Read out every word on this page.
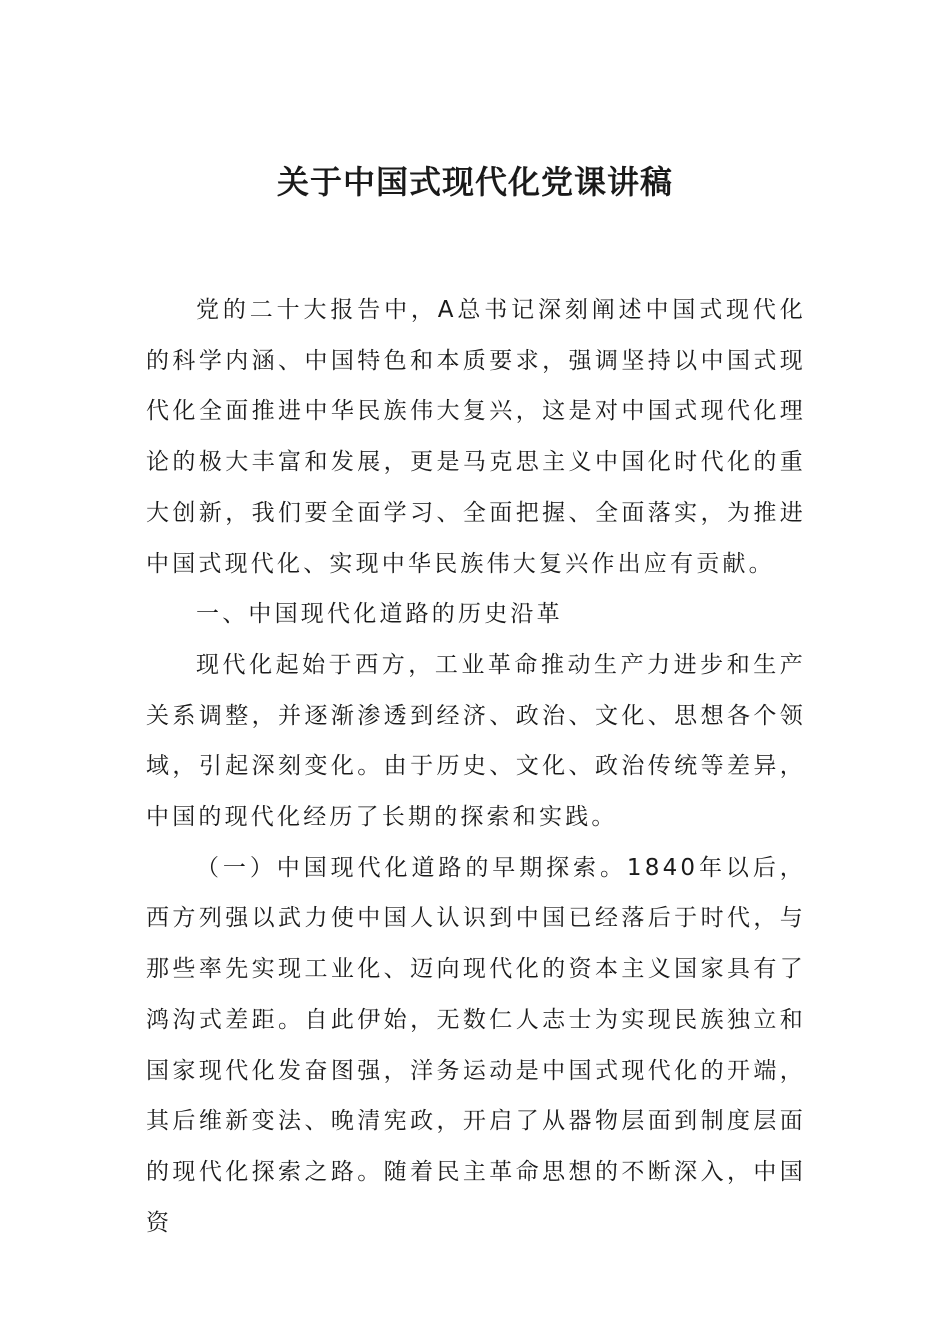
关于中国式现代化党课讲稿

党的二十大报告中，A总书记深刻阐述中国式现代化的科学内涵、中国特色和本质要求，强调坚持以中国式现代化全面推进中华民族伟大复兴，这是对中国式现代化理论的极大丰富和发展，更是马克思主义中国化时代化的重大创新，我们要全面学习、全面把握、全面落实，为推进中国式现代化、实现中华民族伟大复兴作出应有贡献。

一、中国现代化道路的历史沿革

现代化起始于西方，工业革命推动生产力进步和生产关系调整，并逐渐渗透到经济、政治、文化、思想各个领域，引起深刻变化。由于历史、文化、政治传统等差异，中国的现代化经历了长期的探索和实践。

（一）中国现代化道路的早期探索。1840年以后，西方列强以武力使中国人认识到中国已经落后于时代，与那些率先实现工业化、迈向现代化的资本主义国家具有了鸿沟式差距。自此伊始，无数仁人志士为实现民族独立和国家现代化发奋图强，洋务运动是中国式现代化的开端，其后维新变法、晚清宪政，开启了从器物层面到制度层面的现代化探索之路。随着民主革命思想的不断深入，中国资
